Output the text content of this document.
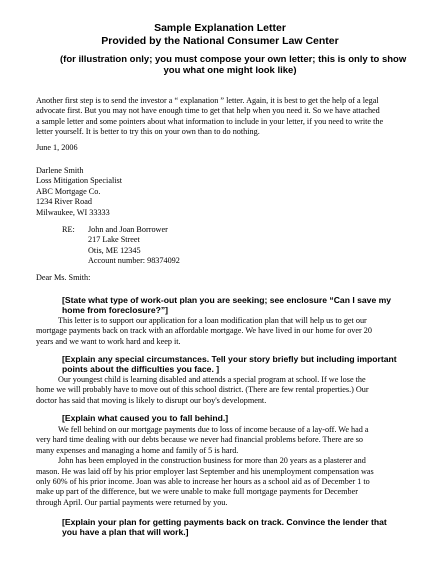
Sample Explanation Letter
Provided by the National Consumer Law Center
(for illustration only; you must compose your own letter; this is only to show
you what one might look like)
Another first step is to send the investor a “ explanation ” letter. Again, it is best to get the help of a legal
advocate first. But you may not have enough time to get that help when you need it. So we have attached
a sample letter and some pointers about what information to include in your letter, if you need to write the
letter yourself. It is better to try this on your own than to do nothing.
June 1, 2006
Darlene Smith
Loss Mitigation Specialist
ABC Mortgage Co.
1234 River Road
Milwaukee, WI 33333
RE: John and Joan Borrower
217 Lake Street
Otis, ME 12345
Account number: 98374092
Dear Ms. Smith:
[State what type of work-out plan you are seeking; see enclosure “Can I save my
home from foreclosure?”]
This letter is to support our application for a loan modification plan that will help us to get our
mortgage payments back on track with an affordable mortgage. We have lived in our home for over 20
years and we want to work hard and keep it.
[Explain any special circumstances. Tell your story briefly but including important
points about the difficulties you face. ]
Our youngest child is learning disabled and attends a special program at school. If we lose the
home we will probably have to move out of this school district. (There are few rental properties.) Our
doctor has said that moving is likely to disrupt our boy's development.
[Explain what caused you to fall behind.]
We fell behind on our mortgage payments due to loss of income because of a lay-off. We had a
very hard time dealing with our debts because we never had financial problems before. There are so
many expenses and managing a home and family of 5 is hard.
John has been employed in the construction business for more than 20 years as a plasterer and
mason. He was laid off by his prior employer last September and his unemployment compensation was
only 60% of his prior income. Joan was able to increase her hours as a school aid as of December 1 to
make up part of the difference, but we were unable to make full mortgage payments for December
through April. Our partial payments were returned by you.
[Explain your plan for getting payments back on track. Convince the lender that
you have a plan that will work.]
